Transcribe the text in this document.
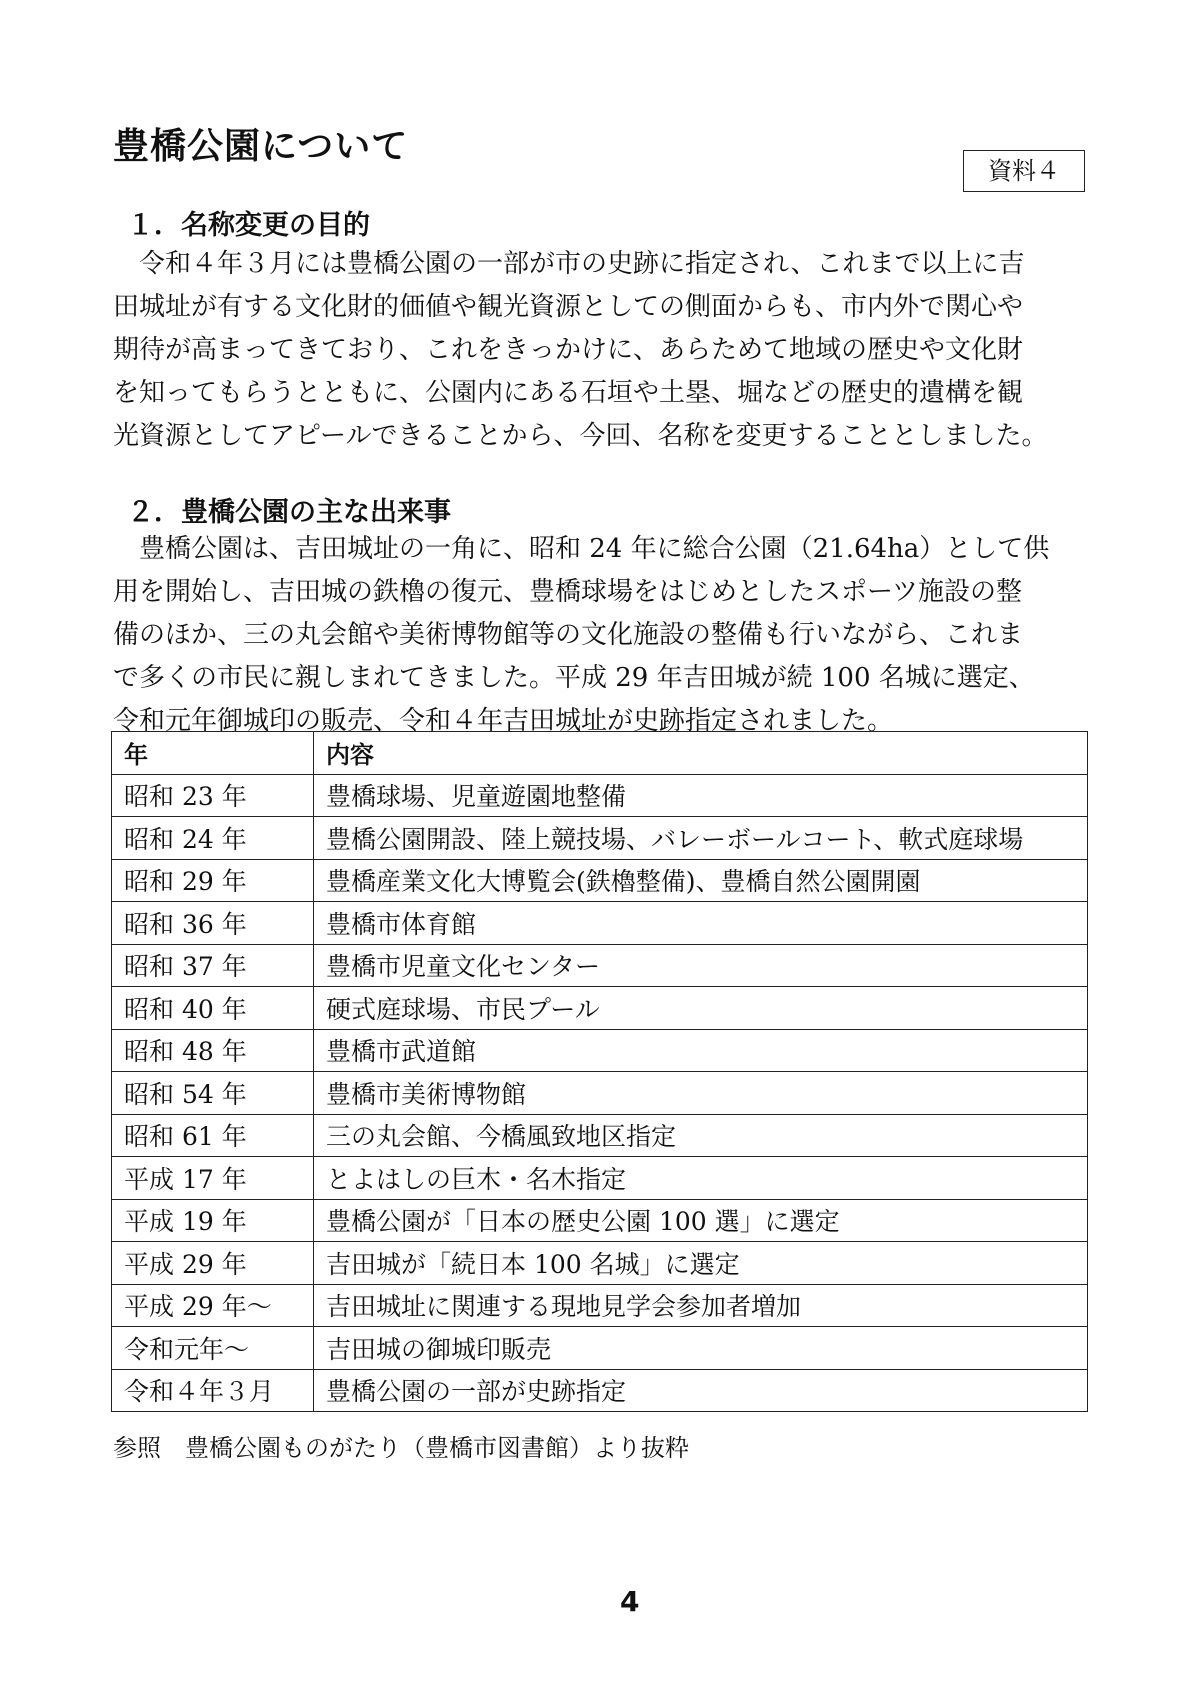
豊橋公園について
資料４
１．名称変更の目的
　令和４年３月には豊橋公園の一部が市の史跡に指定され、これまで以上に吉
田城址が有する文化財的価値や観光資源としての側面からも、市内外で関心や
期待が高まってきており、これをきっかけに、あらためて地域の歴史や文化財
を知ってもらうとともに、公園内にある石垣や土塁、堀などの歴史的遺構を観
光資源としてアピールできることから、今回、名称を変更することとしました。
２．豊橋公園の主な出来事
　豊橋公園は、吉田城址の一角に、昭和 24 年に総合公園（21.64ha）として供
用を開始し、吉田城の鉄櫓の復元、豊橋球場をはじめとしたスポーツ施設の整
備のほか、三の丸会館や美術博物館等の文化施設の整備も行いながら、これま
で多くの市民に親しまれてきました。平成 29 年吉田城が続 100 名城に選定、
令和元年御城印の販売、令和４年吉田城址が史跡指定されました。
年	内容
昭和 23 年	豊橋球場、児童遊園地整備
昭和 24 年	豊橋公園開設、陸上競技場、バレーボールコート、軟式庭球場
昭和 29 年	豊橋産業文化大博覧会(鉄櫓整備)、豊橋自然公園開園
昭和 36 年	豊橋市体育館
昭和 37 年	豊橋市児童文化センター
昭和 40 年	硬式庭球場、市民プール
昭和 48 年	豊橋市武道館
昭和 54 年	豊橋市美術博物館
昭和 61 年	三の丸会館、今橋風致地区指定
平成 17 年	とよはしの巨木・名木指定
平成 19 年	豊橋公園が「日本の歴史公園 100 選」に選定
平成 29 年	吉田城が「続日本 100 名城」に選定
平成 29 年～	吉田城址に関連する現地見学会参加者増加
令和元年～	吉田城の御城印販売
令和４年３月	豊橋公園の一部が史跡指定

参照　豊橋公園ものがたり（豊橋市図書館）より抜粋

4
